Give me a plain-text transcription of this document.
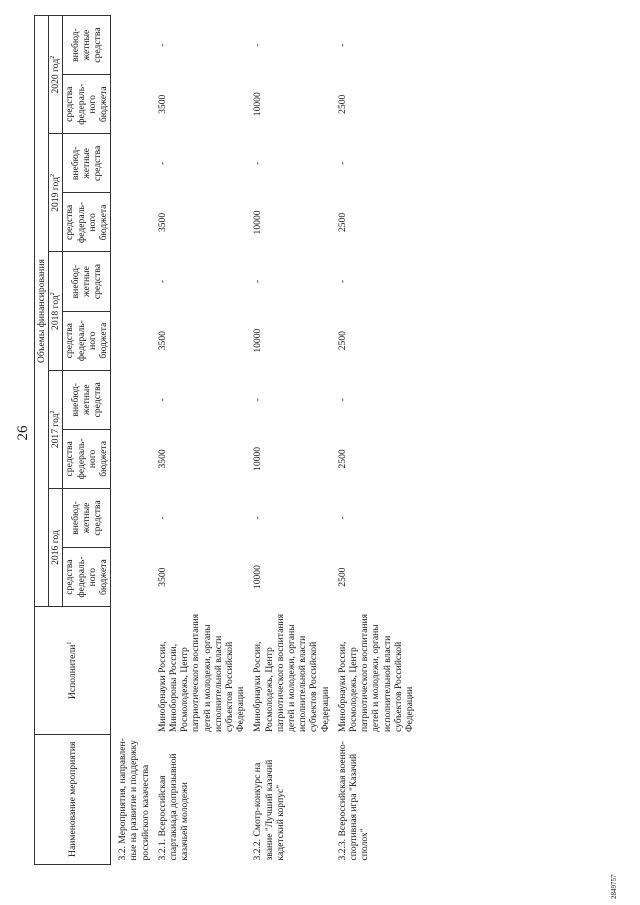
26
Наименование мероприятия	Исполнители$^1$	Объемы финансирования									
		2016 год		2017 год$^2$		2018 год$^2$		2019 год$^2$		2020 год$^2$
		средства федераль- ного бюджета	внебюд- жетные средства	средства федераль- ного бюджета	внебюд- жетные средства	средства федераль- ного бюджета	внебюд- жетные средства	средства федераль- ного бюджета	внебюд- жетные средства	средства федераль- ного бюджета	внебюд- жетные средства

3.2. Мероприятия, направлен- ные на развитие и поддержку российского казачества											

3.2.1. Всероссийская спартакиада допризывной казачьей молодежи	Минобрнауки России, Минобороны России, Росмолодежь, Центр патриотического воспитания детей и молодежи, органы исполнительной власти субъектов Российской Федерации	3500	-	3500	-	3500	-	3500	-	3500	-

3.2.2. Смотр-конкурс на звание "Лучший казачий кадетский корпус"	Минобрнауки России, Росмолодежь, Центр патриотического воспитания детей и молодежи, органы исполнительной власти субъектов Российской Федерации	10000	-	10000	-	10000	-	10000	-	10000	-

3.2.3. Всероссийская военно-спортивная игра "Казачий сполох"	Минобрнауки России, Росмолодежь, Центр патриотического воспитания детей и молодежи, органы исполнительной власти субъектов Российской Федерации	2500	-	2500	-	2500	-	2500	-	2500	-
2849757
